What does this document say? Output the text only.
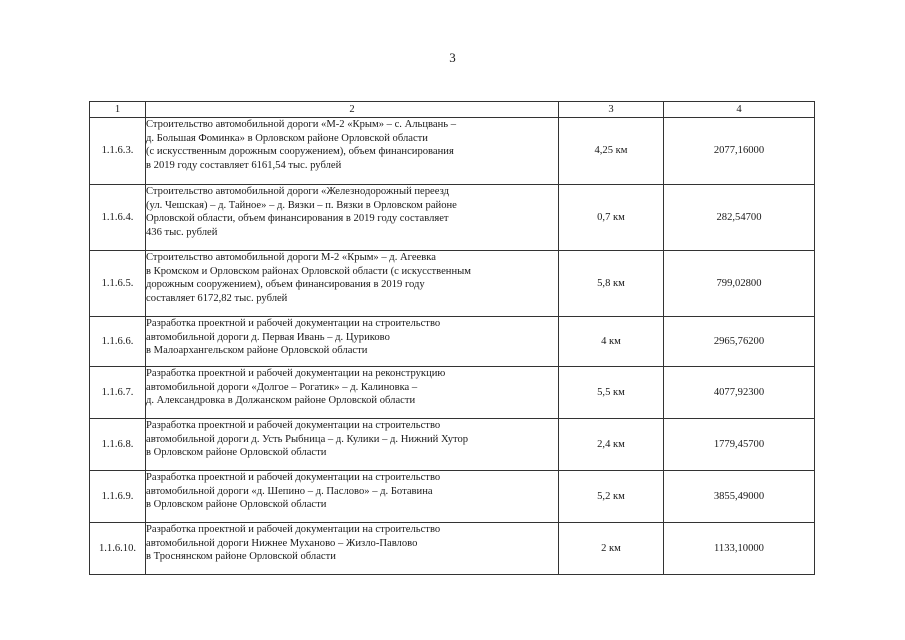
3
1	2	3	4
1.1.6.3.	Строительство автомобильной дороги «М-2 «Крым» – с. Альцвань –
д. Большая Фоминка» в Орловском районе Орловской области
(с искусственным дорожным сооружением), объем финансирования
в 2019 году составляет 6161,54 тыс. рублей	4,25 км	2077,16000
1.1.6.4.	Строительство автомобильной дороги «Железнодорожный переезд
(ул. Чешская) – д. Тайное» – д. Вязки – п. Вязки в Орловском районе
Орловской области, объем финансирования в 2019 году составляет
436 тыс. рублей	0,7 км	282,54700
1.1.6.5.	Строительство автомобильной дороги М-2 «Крым» – д. Агеевка
в Кромском и Орловском районах Орловской области (с искусственным
дорожным сооружением), объем финансирования в 2019 году
составляет 6172,82 тыс. рублей	5,8 км	799,02800
1.1.6.6.	Разработка проектной и рабочей документации на строительство
автомобильной дороги д. Первая Ивань – д. Цуриково
в Малоархангельском районе Орловской области	4 км	2965,76200
1.1.6.7.	Разработка проектной и рабочей документации на реконструкцию
автомобильной дороги «Долгое – Рогатик» – д. Калиновка –
д. Александровка в Должанском районе Орловской области	5,5 км	4077,92300
1.1.6.8.	Разработка проектной и рабочей документации на строительство
автомобильной дороги д. Усть Рыбница – д. Кулики – д. Нижний Хутор
в Орловском районе Орловской области	2,4 км	1779,45700
1.1.6.9.	Разработка проектной и рабочей документации на строительство
автомобильной дороги «д. Шепино – д. Паслово» – д. Ботавина
в Орловском районе Орловской области	5,2 км	3855,49000
1.1.6.10.	Разработка проектной и рабочей документации на строительство
автомобильной дороги Нижнее Муханово – Жизло-Павлово
в Троснянском районе Орловской области	2 км	1133,10000
